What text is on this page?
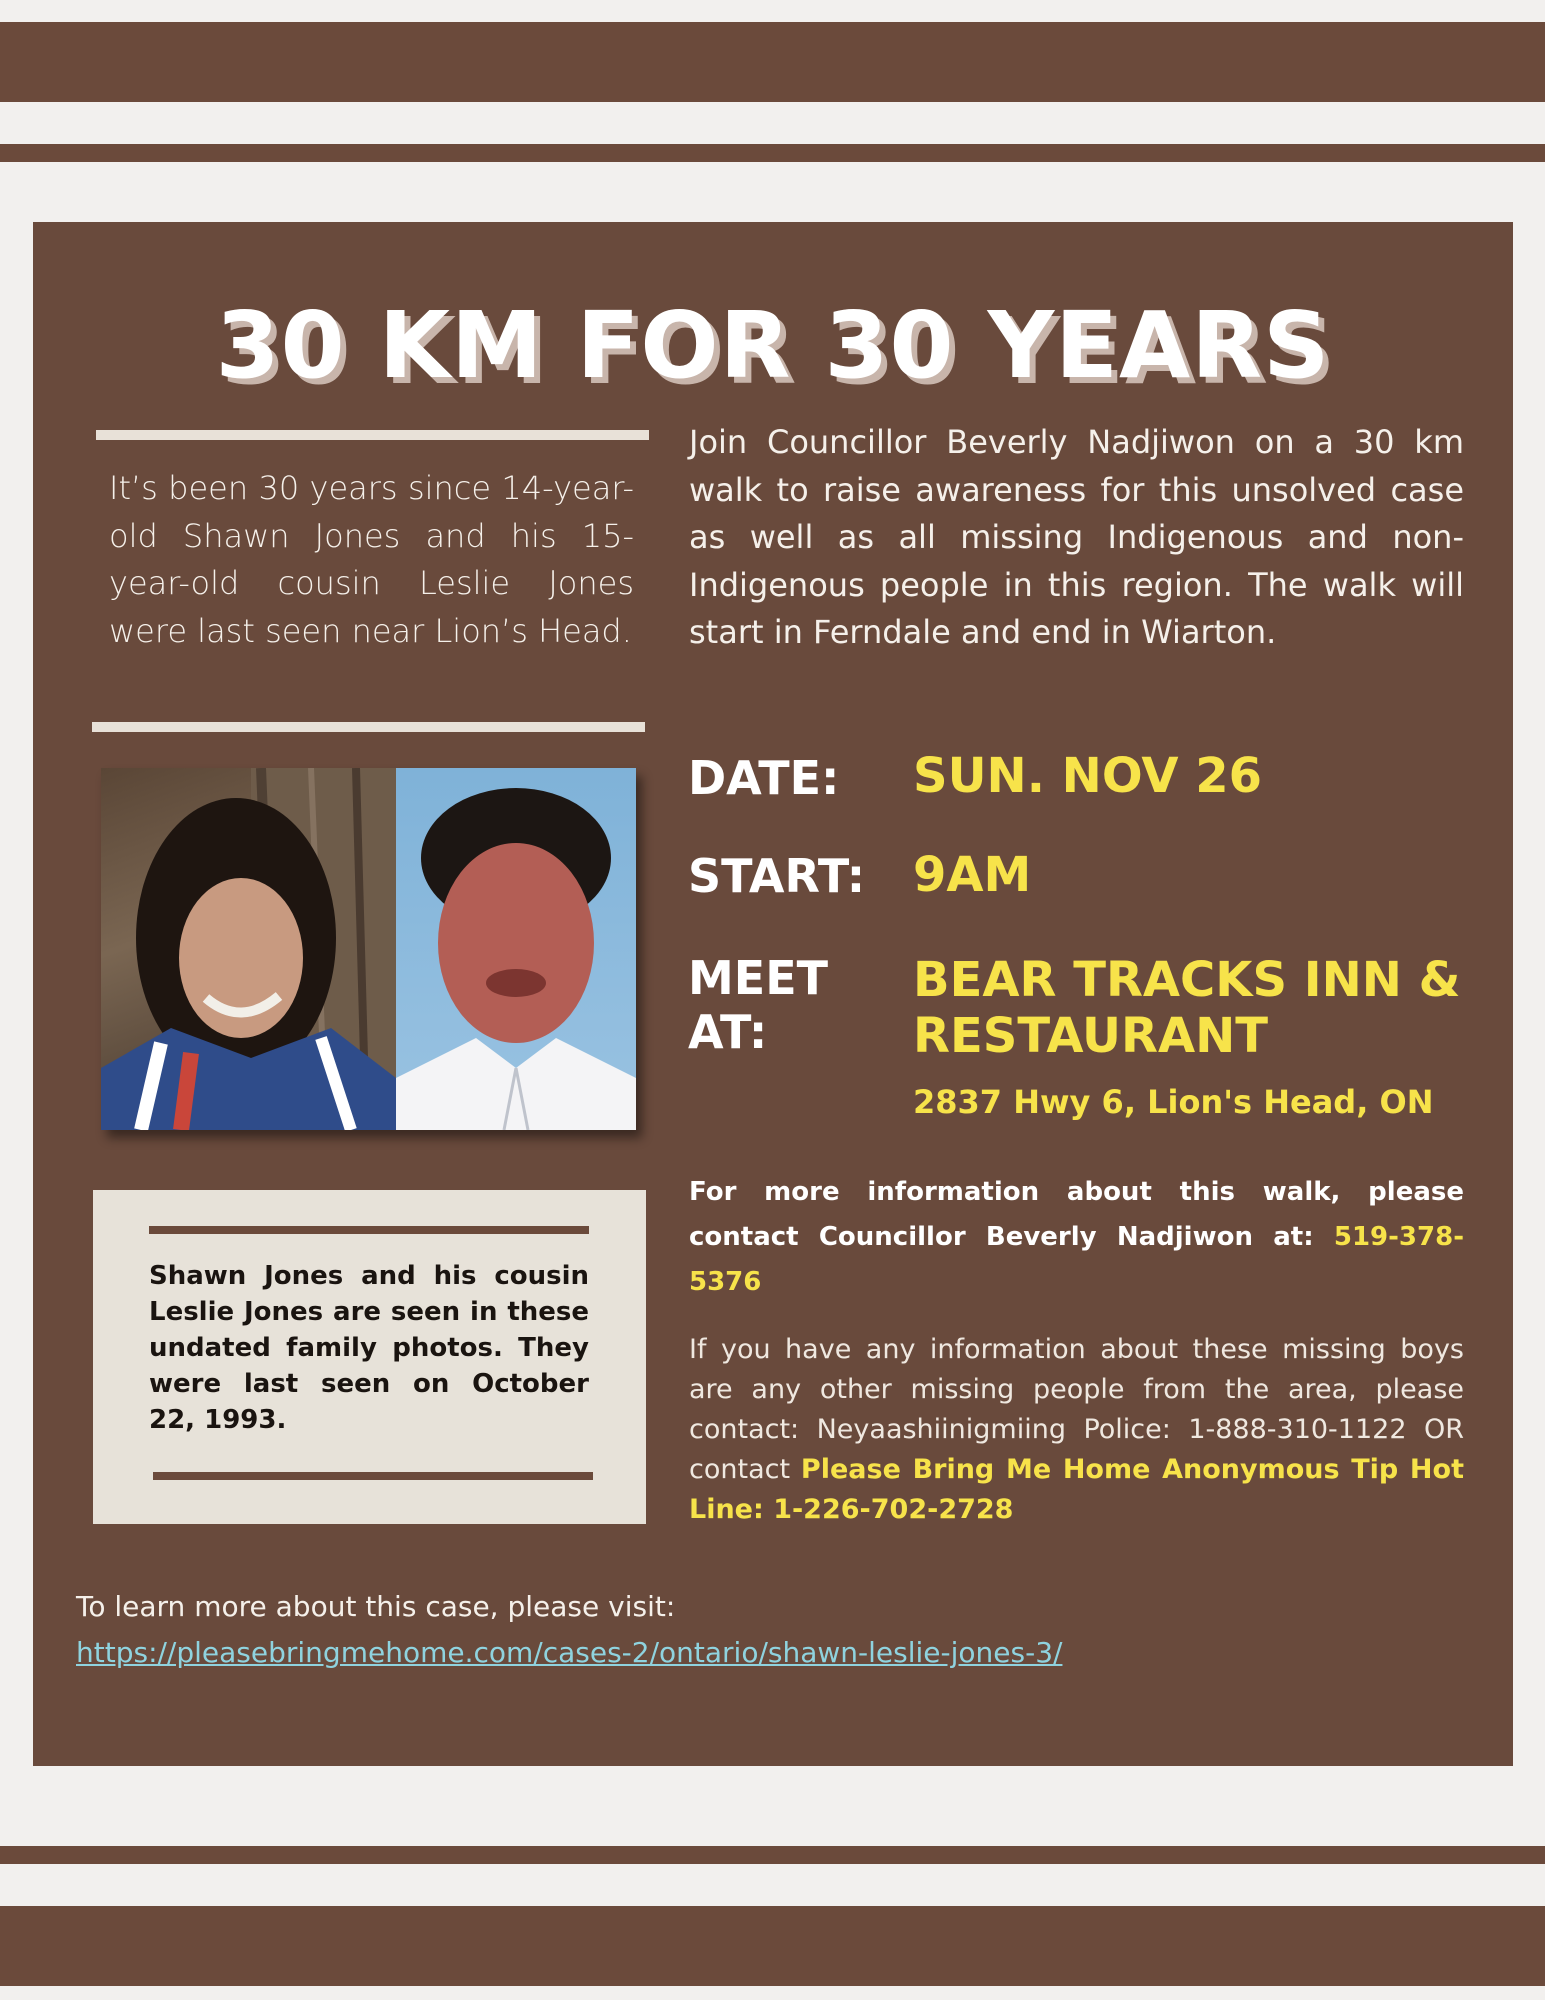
30 KM FOR 30 YEARS
It’s been 30 years since 14-year-old Shawn Jones and his 15-year-old cousin Leslie Jones were last seen near Lion’s Head.
Join Councillor Beverly Nadjiwon on a 30 km walk to raise awareness for this unsolved case as well as all missing Indigenous and non-Indigenous people in this region. The walk will start in Ferndale and end in Wiarton.
Shawn Jones and his cousin Leslie Jones are seen in these undated family photos. They were last seen on October 22, 1993.
DATE: SUN. NOV 26
START: 9AM
MEET
AT:
BEAR TRACKS INN &
RESTAURANT
2837 Hwy 6, Lion's Head, ON
For more information about this walk, please contact Councillor Beverly Nadjiwon at: 519-378-5376
If you have any information about these missing boys are any other missing people from the area, please contact: Neyaashiinigmiing Police: 1-888-310-1122 OR contact Please Bring Me Home Anonymous Tip Hot Line: 1-226-702-2728
To learn more about this case, please visit:
https://pleasebringmehome.com/cases-2/ontario/shawn-leslie-jones-3/
